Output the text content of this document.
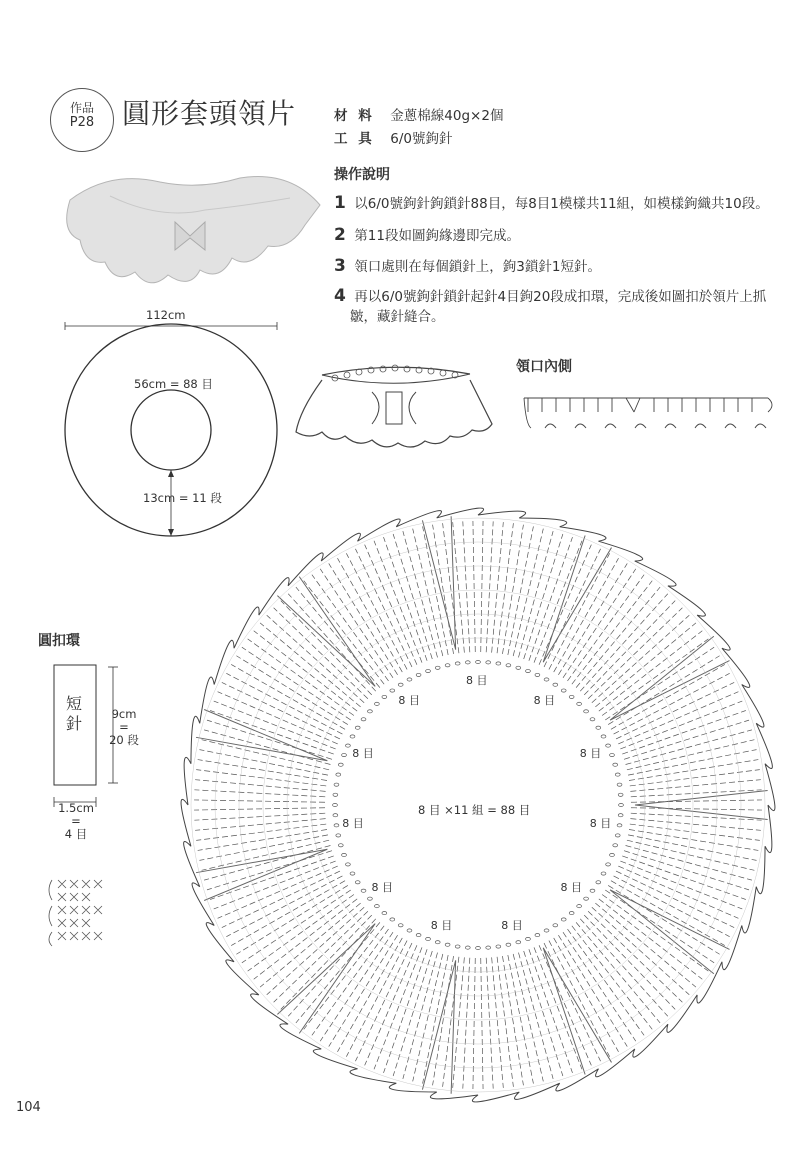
作品
P28 圓形套頭領片	材 料 金蔥棉線40g×2個
工 具 6/0號鉤針
操作說明
1 以6/0號鉤針鉤鎖針88目，每8目1模樣共11組，如模樣鉤織共10段。
2 第11段如圖鉤緣邊即完成。
3 領口處則在每個鎖針上，鉤3鎖針1短針。
4 再以6/0號鉤針鎖針起針4目鉤20段成扣環，完成後如圖扣於領片上抓
皺，藏針縫合。
112cm
56cm = 88 目
13cm = 11 段
領口內側
圓扣環
短
針	9cm
=
20 段
1.5cm
=
4 目
8 目 ×11 組 = 88 目
8 目
8 目
8 目
8 目
8 目
8 目
8 目
8 目
8 目
8 目
8 目
104
